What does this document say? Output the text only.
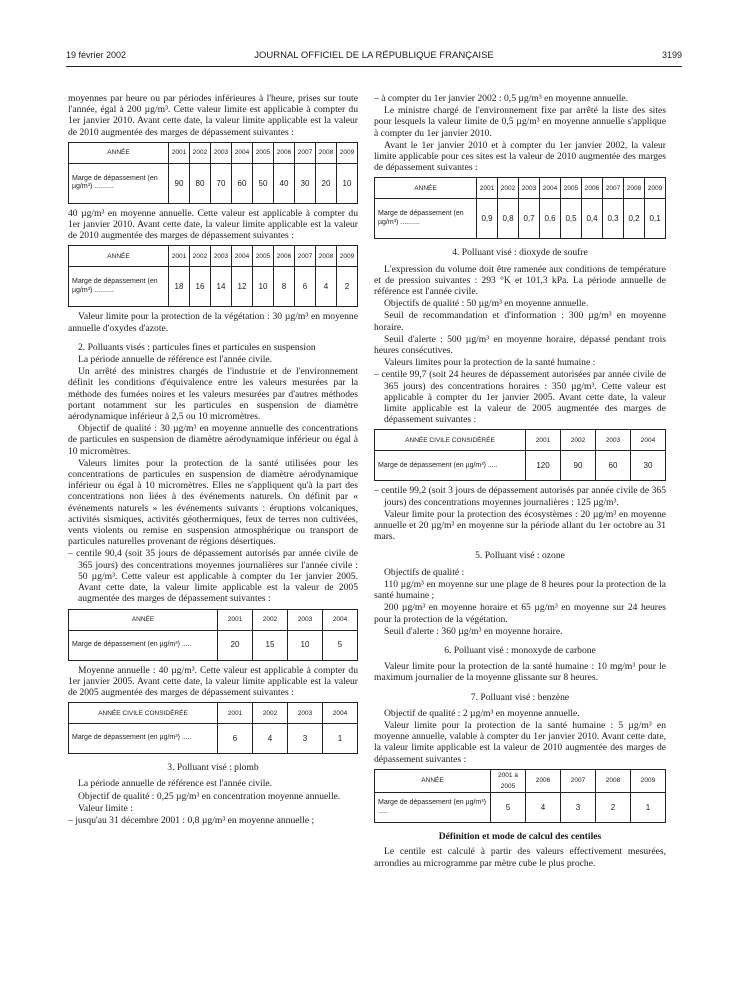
19 février 2002	JOURNAL OFFICIEL DE LA RÉPUBLIQUE FRANÇAISE	3199

moyennes par heure ou par périodes inférieures à l'heure, prises sur toute l'année, égal à 200 µg/m³. Cette valeur limite est applicable à compter du 1er janvier 2010. Avant cette date, la valeur limite applicable est la valeur de 2010 augmentée des marges de dépassement suivantes :

ANNÉE	2001	2002	2003	2004	2005	2006	2007	2008	2009
Marge de dépassement (en µg/m³) ..........	90	80	70	60	50	40	30	20	10

40 µg/m³ en moyenne annuelle. Cette valeur est applicable à compter du 1er janvier 2010. Avant cette date, la valeur limite applicable est la valeur de 2010 augmentée des marges de dépassement suivantes :

ANNÉE	2001	2002	2003	2004	2005	2006	2007	2008	2009
Marge de dépassement (en µg/m³) ..........	18	16	14	12	10	8	6	4	2

Valeur limite pour la protection de la végétation : 30 µg/m³ en moyenne annuelle d'oxydes d'azote.

2. Polluants visés : particules fines et particules en suspension

La période annuelle de référence est l'année civile.

Un arrêté des ministres chargés de l'industrie et de l'environnement définit les conditions d'équivalence entre les valeurs mesurées par la méthode des fumées noires et les valeurs mesurées par d'autres méthodes portant notamment sur les particules en suspension de diamètre aérodynamique inférieur à 2,5 ou 10 micromètres.

Objectif de qualité : 30 µg/m³ en moyenne annuelle des concentrations de particules en suspension de diamètre aérodynamique inférieur ou égal à 10 micromètres.

Valeurs limites pour la protection de la santé utilisées pour les concentrations de particules en suspension de diamètre aérodynamique inférieur ou égal à 10 micromètres. Elles ne s'appliquent qu'à la part des concentrations non liées à des événements naturels. On définit par « événements naturels » les événements suivants : éruptions volcaniques, activités sismiques, activités géothermiques, feux de terres non cultivées, vents violents ou remise en suspension atmosphérique ou transport de particules naturelles provenant de régions désertiques.

– centile 90,4 (soit 35 jours de dépassement autorisés par année civile de 365 jours) des concentrations moyennes journalières sur l'année civile : 50 µg/m³. Cette valeur est applicable à compter du 1er janvier 2005. Avant cette date, la valeur limite applicable est la valeur de 2005 augmentée des marges de dépassement suivantes :

ANNÉE	2001	2002	2003	2004
Marge de dépassement (en µg/m³) .....	20	15	10	5

Moyenne annuelle : 40 µg/m³. Cette valeur est applicable à compter du 1er janvier 2005. Avant cette date, la valeur limite applicable est la valeur de 2005 augmentée des marges de dépassement suivantes :

ANNÉE CIVILE CONSIDÉRÉE	2001	2002	2003	2004
Marge de dépassement (en µg/m³) .....	6	4	3	1

3. Polluant visé : plomb

La période annuelle de référence est l'année civile.

Objectif de qualité : 0,25 µg/m³ en concentration moyenne annuelle.

Valeur limite :

– jusqu'au 31 décembre 2001 : 0,8 µg/m³ en moyenne annuelle ;

– à compter du 1er janvier 2002 : 0,5 µg/m³ en moyenne annuelle.

Le ministre chargé de l'environnement fixe par arrêté la liste des sites pour lesquels la valeur limite de 0,5 µg/m³ en moyenne annuelle s'applique à compter du 1er janvier 2010.

Avant le 1er janvier 2010 et à compter du 1er janvier 2002, la valeur limite applicable pour ces sites est la valeur de 2010 augmentée des marges de dépassement suivantes :

ANNÉE	2001	2002	2003	2004	2005	2006	2007	2008	2009
Marge de dépassement (en µg/m³) ..........	0,9	0,8	0,7	0,6	0,5	0,4	0,3	0,2	0,1

4. Polluant visé : dioxyde de soufre

L'expression du volume doit être ramenée aux conditions de température et de pression suivantes : 293 °K et 101,3 kPa. La période annuelle de référence est l'année civile.

Objectifs de qualité : 50 µg/m³ en moyenne annuelle.

Seuil de recommandation et d'information : 300 µg/m³ en moyenne horaire.

Seuil d'alerte : 500 µg/m³ en moyenne horaire, dépassé pendant trois heures consécutives.

Valeurs limites pour la protection de la santé humaine :

– centile 99,7 (soit 24 heures de dépassement autorisées par année civile de 365 jours) des concentrations horaires : 350 µg/m³. Cette valeur est applicable à compter du 1er janvier 2005. Avant cette date, la valeur limite applicable est la valeur de 2005 augmentée des marges de dépassement suivantes :

ANNÉE CIVILE CONSIDÉRÉE	2001	2002	2003	2004
Marge de dépassement (en µg/m³) .....	120	90	60	30

– centile 99,2 (soit 3 jours de dépassement autorisés par année civile de 365 jours) des concentrations moyennes journalières : 125 µg/m³.

Valeur limite pour la protection des écosystèmes : 20 µg/m³ en moyenne annuelle et 20 µg/m³ en moyenne sur la période allant du 1er octobre au 31 mars.

5. Polluant visé : ozone

Objectifs de qualité :

110 µg/m³ en moyenne sur une plage de 8 heures pour la protection de la santé humaine ;

200 µg/m³ en moyenne horaire et 65 µg/m³ en moyenne sur 24 heures pour la protection de la végétation.

Seuil d'alerte : 360 µg/m³ en moyenne horaire.

6. Polluant visé : monoxyde de carbone

Valeur limite pour la protection de la santé humaine : 10 mg/m³ pour le maximum journalier de la moyenne glissante sur 8 heures.

7. Polluant visé : benzène

Objectif de qualité : 2 µg/m³ en moyenne annuelle.

Valeur limite pour la protection de la santé humaine : 5 µg/m³ en moyenne annuelle, valable à compter du 1er janvier 2010. Avant cette date, la valeur limite applicable est la valeur de 2010 augmentée des marges de dépassement suivantes :

ANNÉE	2001 à 2005	2006	2007	2008	2009
Marge de dépassement (en µg/m³) .....	5	4	3	2	1

Définition et mode de calcul des centiles

Le centile est calculé à partir des valeurs effectivement mesurées, arrondies au microgramme par mètre cube le plus proche.
